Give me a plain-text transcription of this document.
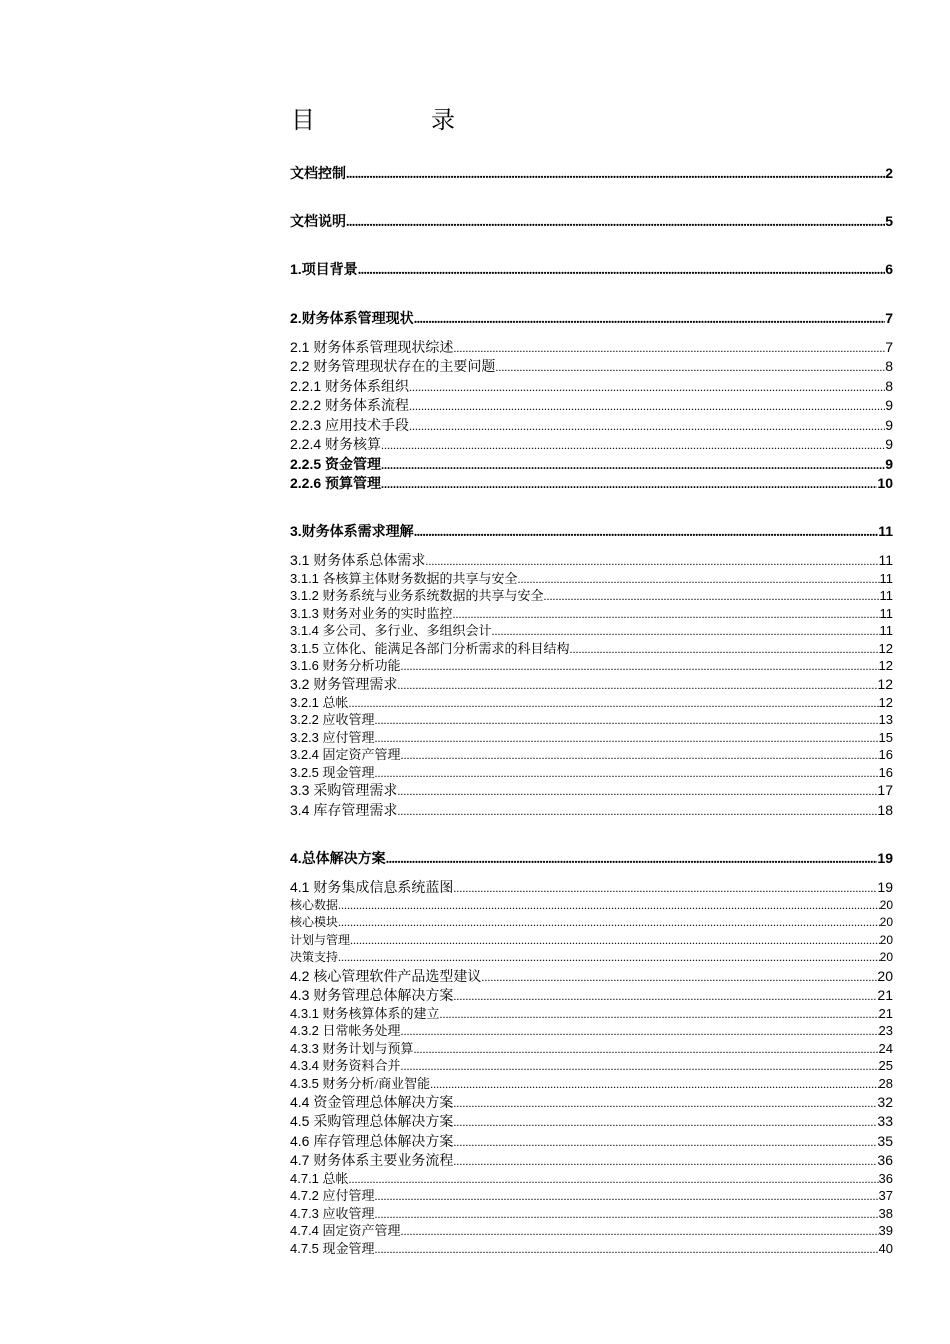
目　录
文档控制 .....	2
文档说明 .....	5
1.项目背景 .....	6
2.财务体系管理现状 .....	7
2.1 财务体系管理现状综述 .....	7
2.2 财务管理现状存在的主要问题 .....	8
2.2.1 财务体系组织 .....	8
2.2.2 财务体系流程 .....	9
2.2.3 应用技术手段 .....	9
2.2.4 财务核算 .....	9
2.2.5 资金管理 .....	9
2.2.6 预算管理 .....	10
3.财务体系需求理解 .....	11
3.1 财务体系总体需求 .....	11
3.1.1 各核算主体财务数据的共享与安全 .....	11
3.1.2 财务系统与业务系统数据的共享与安全 .....	11
3.1.3 财务对业务的实时监控 .....	11
3.1.4 多公司、多行业、多组织会计 .....	11
3.1.5 立体化、能满足各部门分析需求的科目结构 .....	12
3.1.6 财务分析功能 .....	12
3.2 财务管理需求 .....	12
3.2.1 总帐 .....	12
3.2.2 应收管理 .....	13
3.2.3 应付管理 .....	15
3.2.4 固定资产管理 .....	16
3.2.5 现金管理 .....	16
3.3 采购管理需求 .....	17
3.4 库存管理需求 .....	18
4.总体解决方案 .....	19
4.1 财务集成信息系统蓝图 .....	19
核心数据 .....	20
核心模块 .....	20
计划与管理 .....	20
决策支持 .....	20
4.2 核心管理软件产品选型建议 .....	20
4.3 财务管理总体解决方案 .....	21
4.3.1 财务核算体系的建立 .....	21
4.3.2 日常帐务处理 .....	23
4.3.3 财务计划与预算 .....	24
4.3.4 财务资料合并 .....	25
4.3.5 财务分析/商业智能 .....	28
4.4 资金管理总体解决方案 .....	32
4.5 采购管理总体解决方案 .....	33
4.6 库存管理总体解决方案 .....	35
4.7 财务体系主要业务流程 .....	36
4.7.1 总帐 .....	36
4.7.2 应付管理 .....	37
4.7.3 应收管理 .....	38
4.7.4 固定资产管理 .....	39
4.7.5 现金管理 .....	40
